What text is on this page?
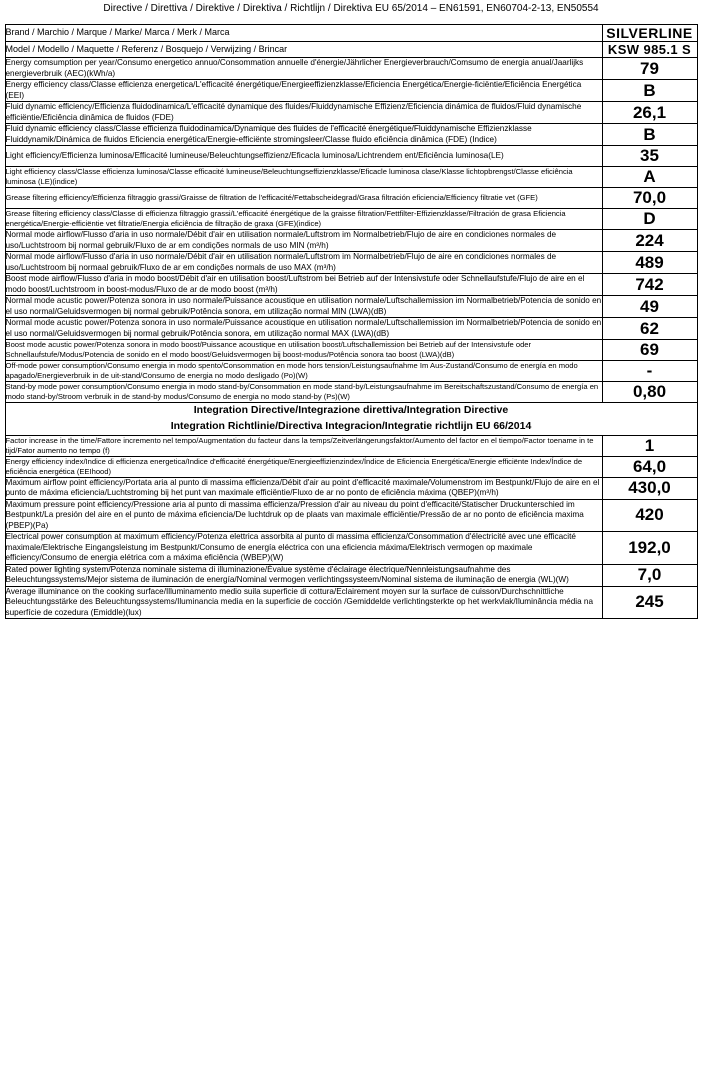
Directive / Direttiva / Direktive / Direktiva / Richtlijn / Direktiva EU 65/2014 – EN61591, EN60704-2-13, EN50554
Brand / Marchio / Marque / Marke/ Marca / Merk / Marca	SILVERLINE
Model / Modello / Maquette / Referenz / Bosquejo / Verwijzing / Brincar	KSW 985.1 S
Energy comsumption per year/Consumo energetico annuo/Consommation annuelle d'énergie/Jährlicher Energieverbrauch/Comsumo de energia anual/Jaarlijks energieverbruik (AEC)(kWh/a)	79
Energy efficiency class/Classe efficienza energetica/L'efficacité énergétique/Energieeffizienzklasse/Eficiencia Energética/Energie-ficiëntie/Eficiência Energética (EEI)	B
Fluid dynamic efficiency/Efficienza fluidodinamica/L'efficacité dynamique des fluides/Fluiddynamische Effizienz/Eficiencia dinámica de fluidos/Fluid dynamische efficiëntie/Eficiência dinâmica de fluidos (FDE)	26,1
Fluid dynamic efficiency class/Classe efficienza fluidodinamica/Dynamique des fluides de l'efficacité énergétique/Fluiddynamische Effizienzklasse Fluiddynamik/Dinámica de fluidos Eficiencia energética/Energie-efficiënte stromingsleer/Classe fluido eficiência dinâmica (FDE) (Indice)	B
Light efficiency/Efficienza luminosa/Efficacité lumineuse/Beleuchtungseffizienz/Eficacla luminosa/Lichtrendem ent/Eficiência luminosa(LE)	35
Light efficiency class/Classe efficienza luminosa/Classe efficacité lumineuse/Beleuchtungseffizienzklasse/Eficacle luminosa clase/Klasse lichtopbrengst/Classe eficiência luminosa (LE)(indice)	A
Grease filtering efficiency/Efficienza filtraggio grassi/Graisse de filtration de l'efficacité/Fettabscheidegrad/Grasa filtración eficiencia/Efficiency filtratie vet (GFE)	70,0
Grease filtering efficiency class/Classe di efficienza filtraggio grassi/L'efficacité énergétique de la graisse filtration/Fettfilter-Effizienzklasse/Filtración de grasa Eficiencia energética/Energie-efficiëntie vet filtratie/Energia eficiência de filtração de graxa (GFE)(indice)	D
Normal mode airflow/Flusso d'aria in uso normale/Débit d'air en utilisation normale/Luftstrom im Normalbetrieb/Flujo de aire en condiciones normales de uso/Luchtstroom bij normal gebruik/Fluxo de ar em condições normals de uso MIN (m³/h)	224
Normal mode airflow/Flusso d'aria in uso normale/Débit d'air en utilisation normale/Luftstrom im Normalbetrieb/Flujo de aire en condiciones normales de uso/Luchtstroom bij normaal gebruik/Fluxo de ar em condições normals de uso MAX (m³/h)	489
Boost mode airflow/Flusso d'aria in modo boost/Débit d'air en utilisation boost/Luftstrom bei Betrieb auf der Intensivstufe oder Schnellaufstufe/Flujo de aire en el modo boost/Luchtstroom in boost-modus/Fluxo de ar de modo boost (m³/h)	742
Normal mode acustic power/Potenza sonora in uso normale/Puissance acoustique en utilisation normale/Luftschallemission im Normalbetrieb/Potencia de sonido en el uso normal/Geluidsvermogen bij normal gebruik/Potência sonora, em utilização normal MIN (LWA)(dB)	49
Normal mode acustic power/Potenza sonora in uso normale/Puissance acoustique en utilisation normale/Luftschallemission im Normalbetrieb/Potencia de sonido en el uso normal/Geluidsvermogen bij normal gebruik/Potência sonora, em utilização normal MAX (LWA)(dB)	62
Boost mode acustic power/Potenza sonora in modo boost/Puissance acoustique en utilisation boost/Luftschallemission bei Betrieb auf der Intensivstufe oder Schnellaufstufe/Modus/Potencia de sonido en el modo boost/Geluidsvermogen bij boost-modus/Potência sonora tao boost (LWA)(dB)	69
Off-mode power consumption/Consumo energia in modo spento/Consommation en mode hors tension/Leistungsaufnahme Im Aus-Zustand/Consumo de energía en modo apagado/Energieverbruik in de uit-stand/Consumo de energia no modo desligado (Po)(W)	-
Stand-by mode power consumption/Consumo energia in modo stand-by/Consommation en mode stand-by/Leistungsaufnahme im Bereitschaftszustand/Consumo de energía en modo stand-by/Stroom verbruik in de stand-by modus/Consumo de energia no modo stand-by (Ps)(W)	0,80

Integration Directive/Integrazione direttiva/Integration Directive
Integration Richtlinie/Directiva Integracion/Integratie richtlijn EU 66/2014	

Factor increase in the time/Fattore incremento nel tempo/Augmentation du facteur dans la temps/Zeitverlängerungsfaktor/Aumento del factor en el tiempo/Factor toename in te tijd/Fator aumento no tempo (f)	1
Energy efficiency index/Indice di efficienza energetica/Indice d'efficacité énergétique/Energieeffizienzindex/Índice de Eficiencia Energética/Energie efficiënte Index/Índice de eficiência energética (EEIhood)	64,0
Maximum airflow point efficiency/Portata aria al punto di massima efficienza/Débit d'air au point d'efficacité maximale/Volumenstrom im Bestpunkt/Flujo de aire en el punto de máxima eficiencia/Luchtstroming bij het punt van maximale efficiëntie/Fluxo de ar no ponto de eficiência máxima (QBEP)(m³/h)	430,0
Maximum pressure point efficiency/Pressione aria al punto di massima efficienza/Pression d'air au niveau du point d'efficacité/Statischer Druckunterschied im Bestpunkt/La presión del aire en el punto de máxima eficiencia/De luchtdruk op de plaats van maximale efficiëntie/Pressão de ar no ponto de eficiência maxima (PBEP)(Pa)	420
Electrical power consumption at maximum efficiency/Potenza elettrica assorbita al punto di massima efficienza/Consommation d'électricité avec une efficacité maximale/Elektrische Eingangsleistung im Bestpunkt/Consumo de energía eléctrica con una eficiencia máxima/Elektrisch vermogen op maximale efficiency/Consumo de energia elétrica com a máxima eficiência (WBEP)(W)	192,0
Rated power lighting system/Potenza nominale sistema di illuminazione/Évalue système d'éclairage électrique/Nennleistungsaufnahme des Beleuchtungssystems/Mejor sistema de iluminación de energía/Nominal vermogen verlichtingssysteem/Nominal sistema de iluminação de energia (WL)(W)	7,0
Average illuminance on the cooking surface/Illuminamento medio suila superficie di cottura/Eclairement moyen sur la surface de cuisson/Durchschnittliche Beleuchtungsstärke des Beleuchtungssystems/Iluminancia media en la superficie de cocción /Gemiddelde verlichtingsterkte op het werkvlak/Iluminância média na superfície de cozedura (Emiddle)(lux)	245
